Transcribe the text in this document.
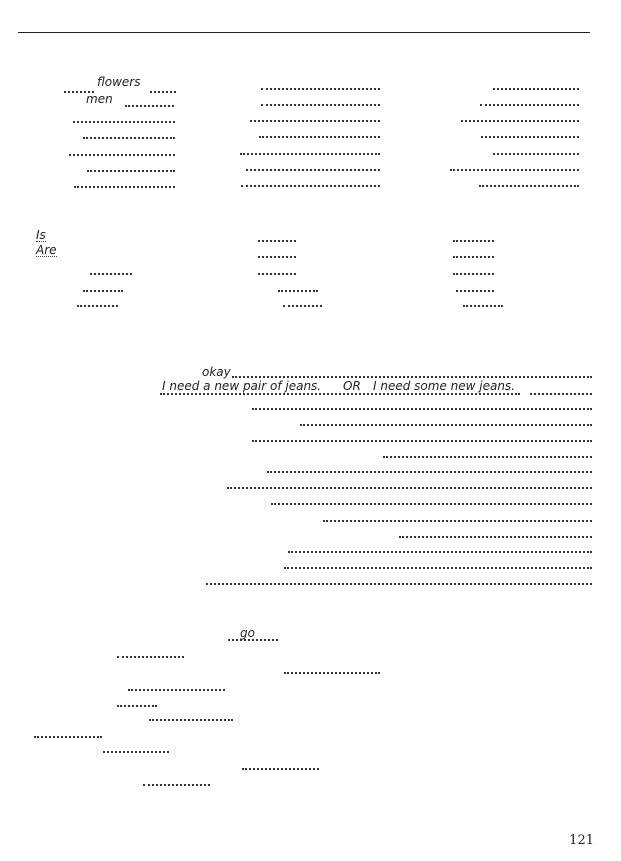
flowers
men
Is
Are
okay
I need a new pair of jeans. OR I need some new jeans.
go
121
